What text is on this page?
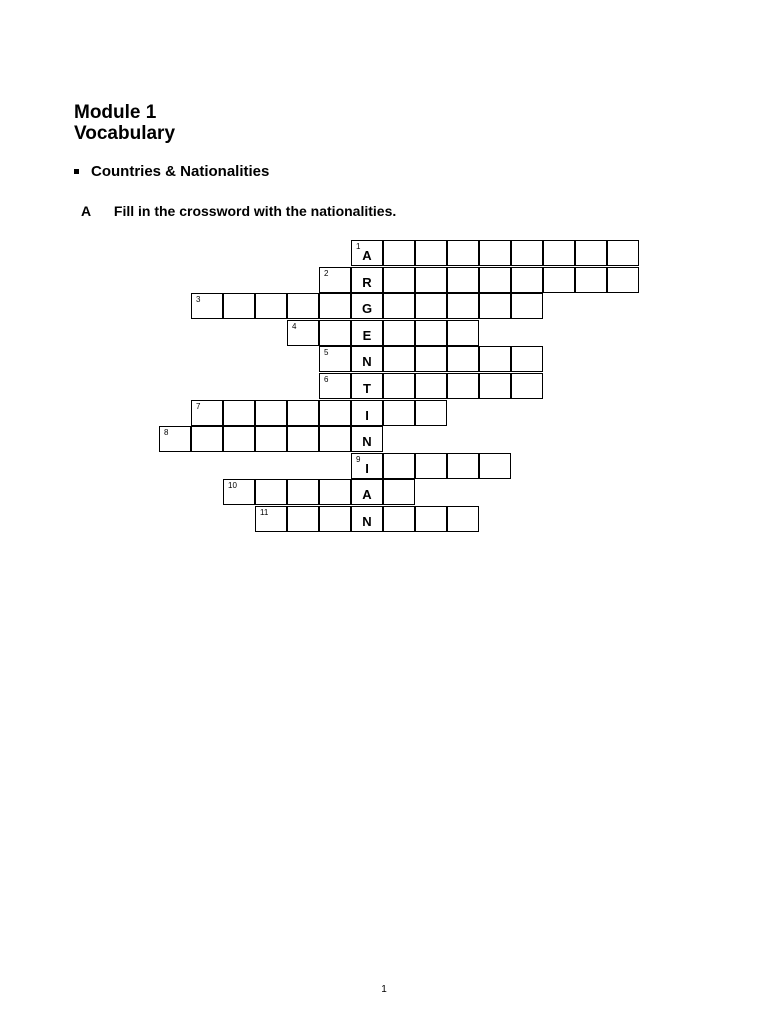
Module 1
Vocabulary
Countries & Nationalities
A Fill in the crossword with the nationalities.
1
A
2
R
3
G
4
E
5
N
6
T
7
I
8
N
9
I
10
A
11
N
1
